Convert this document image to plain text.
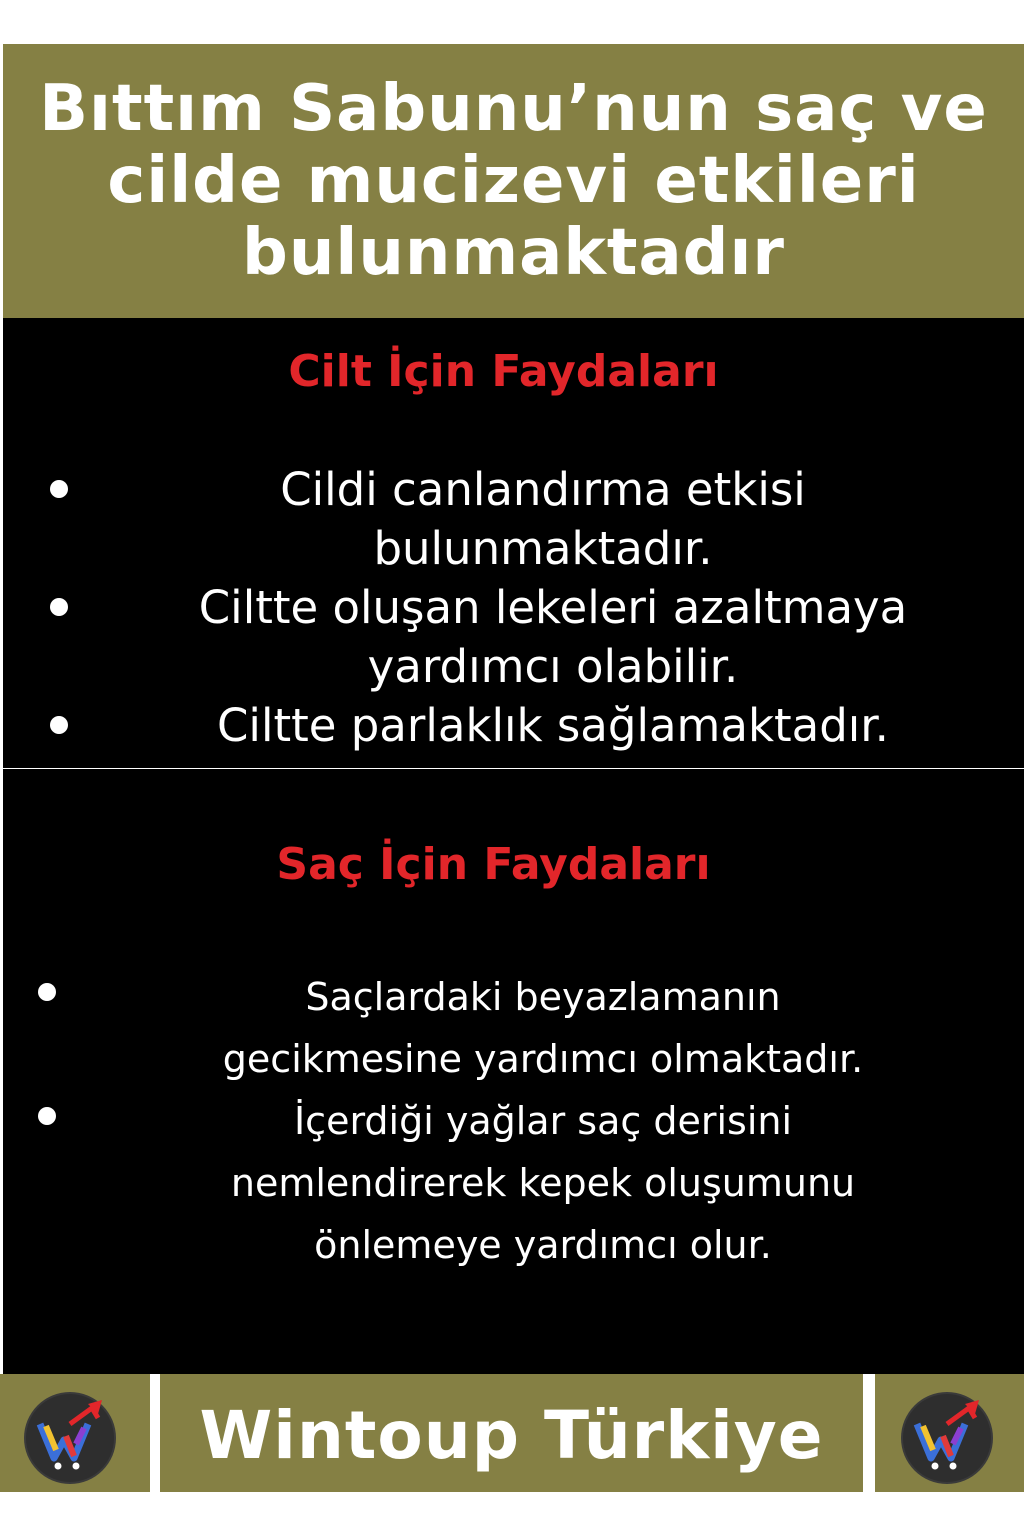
Bıttım Sabunu’nun saç ve cilde mucizevi etkileri bulunmaktadır
Cilt İçin Faydaları
Cildi canlandırma etkisi bulunmaktadır.
Ciltte oluşan lekeleri azaltmaya yardımcı olabilir.
Ciltte parlaklık sağlamaktadır.
Saç İçin Faydaları
Saçlardaki beyazlamanın gecikmesine yardımcı olmaktadır.
İçerdiği yağlar saç derisini nemlendirerek kepek oluşumunu önlemeye yardımcı olur.
Wintoup Türkiye
